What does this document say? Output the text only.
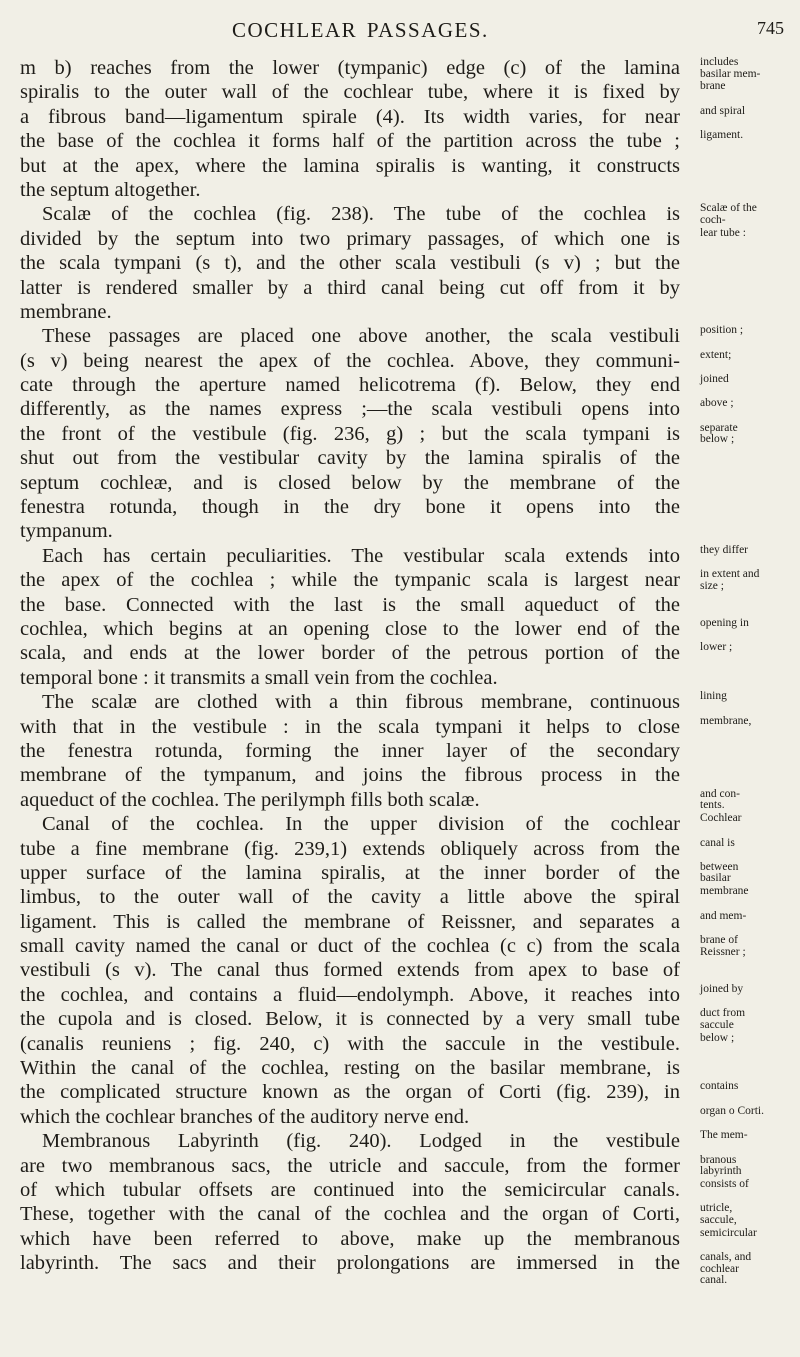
COCHLEAR PASSAGES.	745
m b) reaches from the lower (tympanic) edge (c) of the lamina includes basilar mem-
spiralis to the outer wall of the cochlear tube, where it is fixed by brane
a fibrous band—ligamentum spirale (4). Its width varies, for near and spiral
the base of the cochlea it forms half of the partition across the tube ; ligament.
but at the apex, where the lamina spiralis is wanting, it constructs
the septum altogether.
Scalæ of the cochlea (fig. 238). The tube of the cochlea is Scalæ of the coch-
divided by the septum into two primary passages, of which one is lear tube :
the scala tympani (s t), and the other scala vestibuli (s v) ; but the
latter is rendered smaller by a third canal being cut off from it by
membrane.
These passages are placed one above another, the scala vestibuli position ;
(s v) being nearest the apex of the cochlea. Above, they communi- extent;
cate through the aperture named helicotrema (f). Below, they end joined
differently, as the names express ;—the scala vestibuli opens into above ;
the front of the vestibule (fig. 236, g) ; but the scala tympani is separate below ;
shut out from the vestibular cavity by the lamina spiralis of the
septum cochleæ, and is closed below by the membrane of the
fenestra rotunda, though in the dry bone it opens into the
tympanum.
Each has certain peculiarities. The vestibular scala extends into they differ
the apex of the cochlea ; while the tympanic scala is largest near in extent and size ;
the base. Connected with the last is the small aqueduct of the
cochlea, which begins at an opening close to the lower end of the opening in
scala, and ends at the lower border of the petrous portion of the lower ;
temporal bone : it transmits a small vein from the cochlea.
The scalæ are clothed with a thin fibrous membrane, continuous lining
with that in the vestibule : in the scala tympani it helps to close membrane,
the fenestra rotunda, forming the inner layer of the secondary
membrane of the tympanum, and joins the fibrous process in the
aqueduct of the cochlea. The perilymph fills both scalæ.	and con- tents.
Canal of the cochlea. In the upper division of the cochlear Cochlear
tube a fine membrane (fig. 239,1) extends obliquely across from the canal is
upper surface of the lamina spiralis, at the inner border of the between basilar
limbus, to the outer wall of the cavity a little above the spiral membrane
ligament. This is called the membrane of Reissner, and separates a and mem-
small cavity named the canal or duct of the cochlea (c c) from the scala brane of Reissner ;
vestibuli (s v). The canal thus formed extends from apex to base of
the cochlea, and contains a fluid—endolymph. Above, it reaches into joined by
the cupola and is closed. Below, it is connected by a very small tube duct from saccule
(canalis reuniens ; fig. 240, c) with the saccule in the vestibule. below ;
Within the canal of the cochlea, resting on the basilar membrane, is
the complicated structure known as the organ of Corti (fig. 239), in contains
which the cochlear branches of the auditory nerve end.	organ o Corti.
Membranous Labyrinth (fig. 240). Lodged in the vestibule The mem-
are two membranous sacs, the utricle and saccule, from the former branous labyrinth
of which tubular offsets are continued into the semicircular canals. consists of
These, together with the canal of the cochlea and the organ of Corti, utricle, saccule,
which have been referred to above, make up the membranous semicircular
labyrinth. The sacs and their prolongations are immersed in the canals, and cochlear canal.
